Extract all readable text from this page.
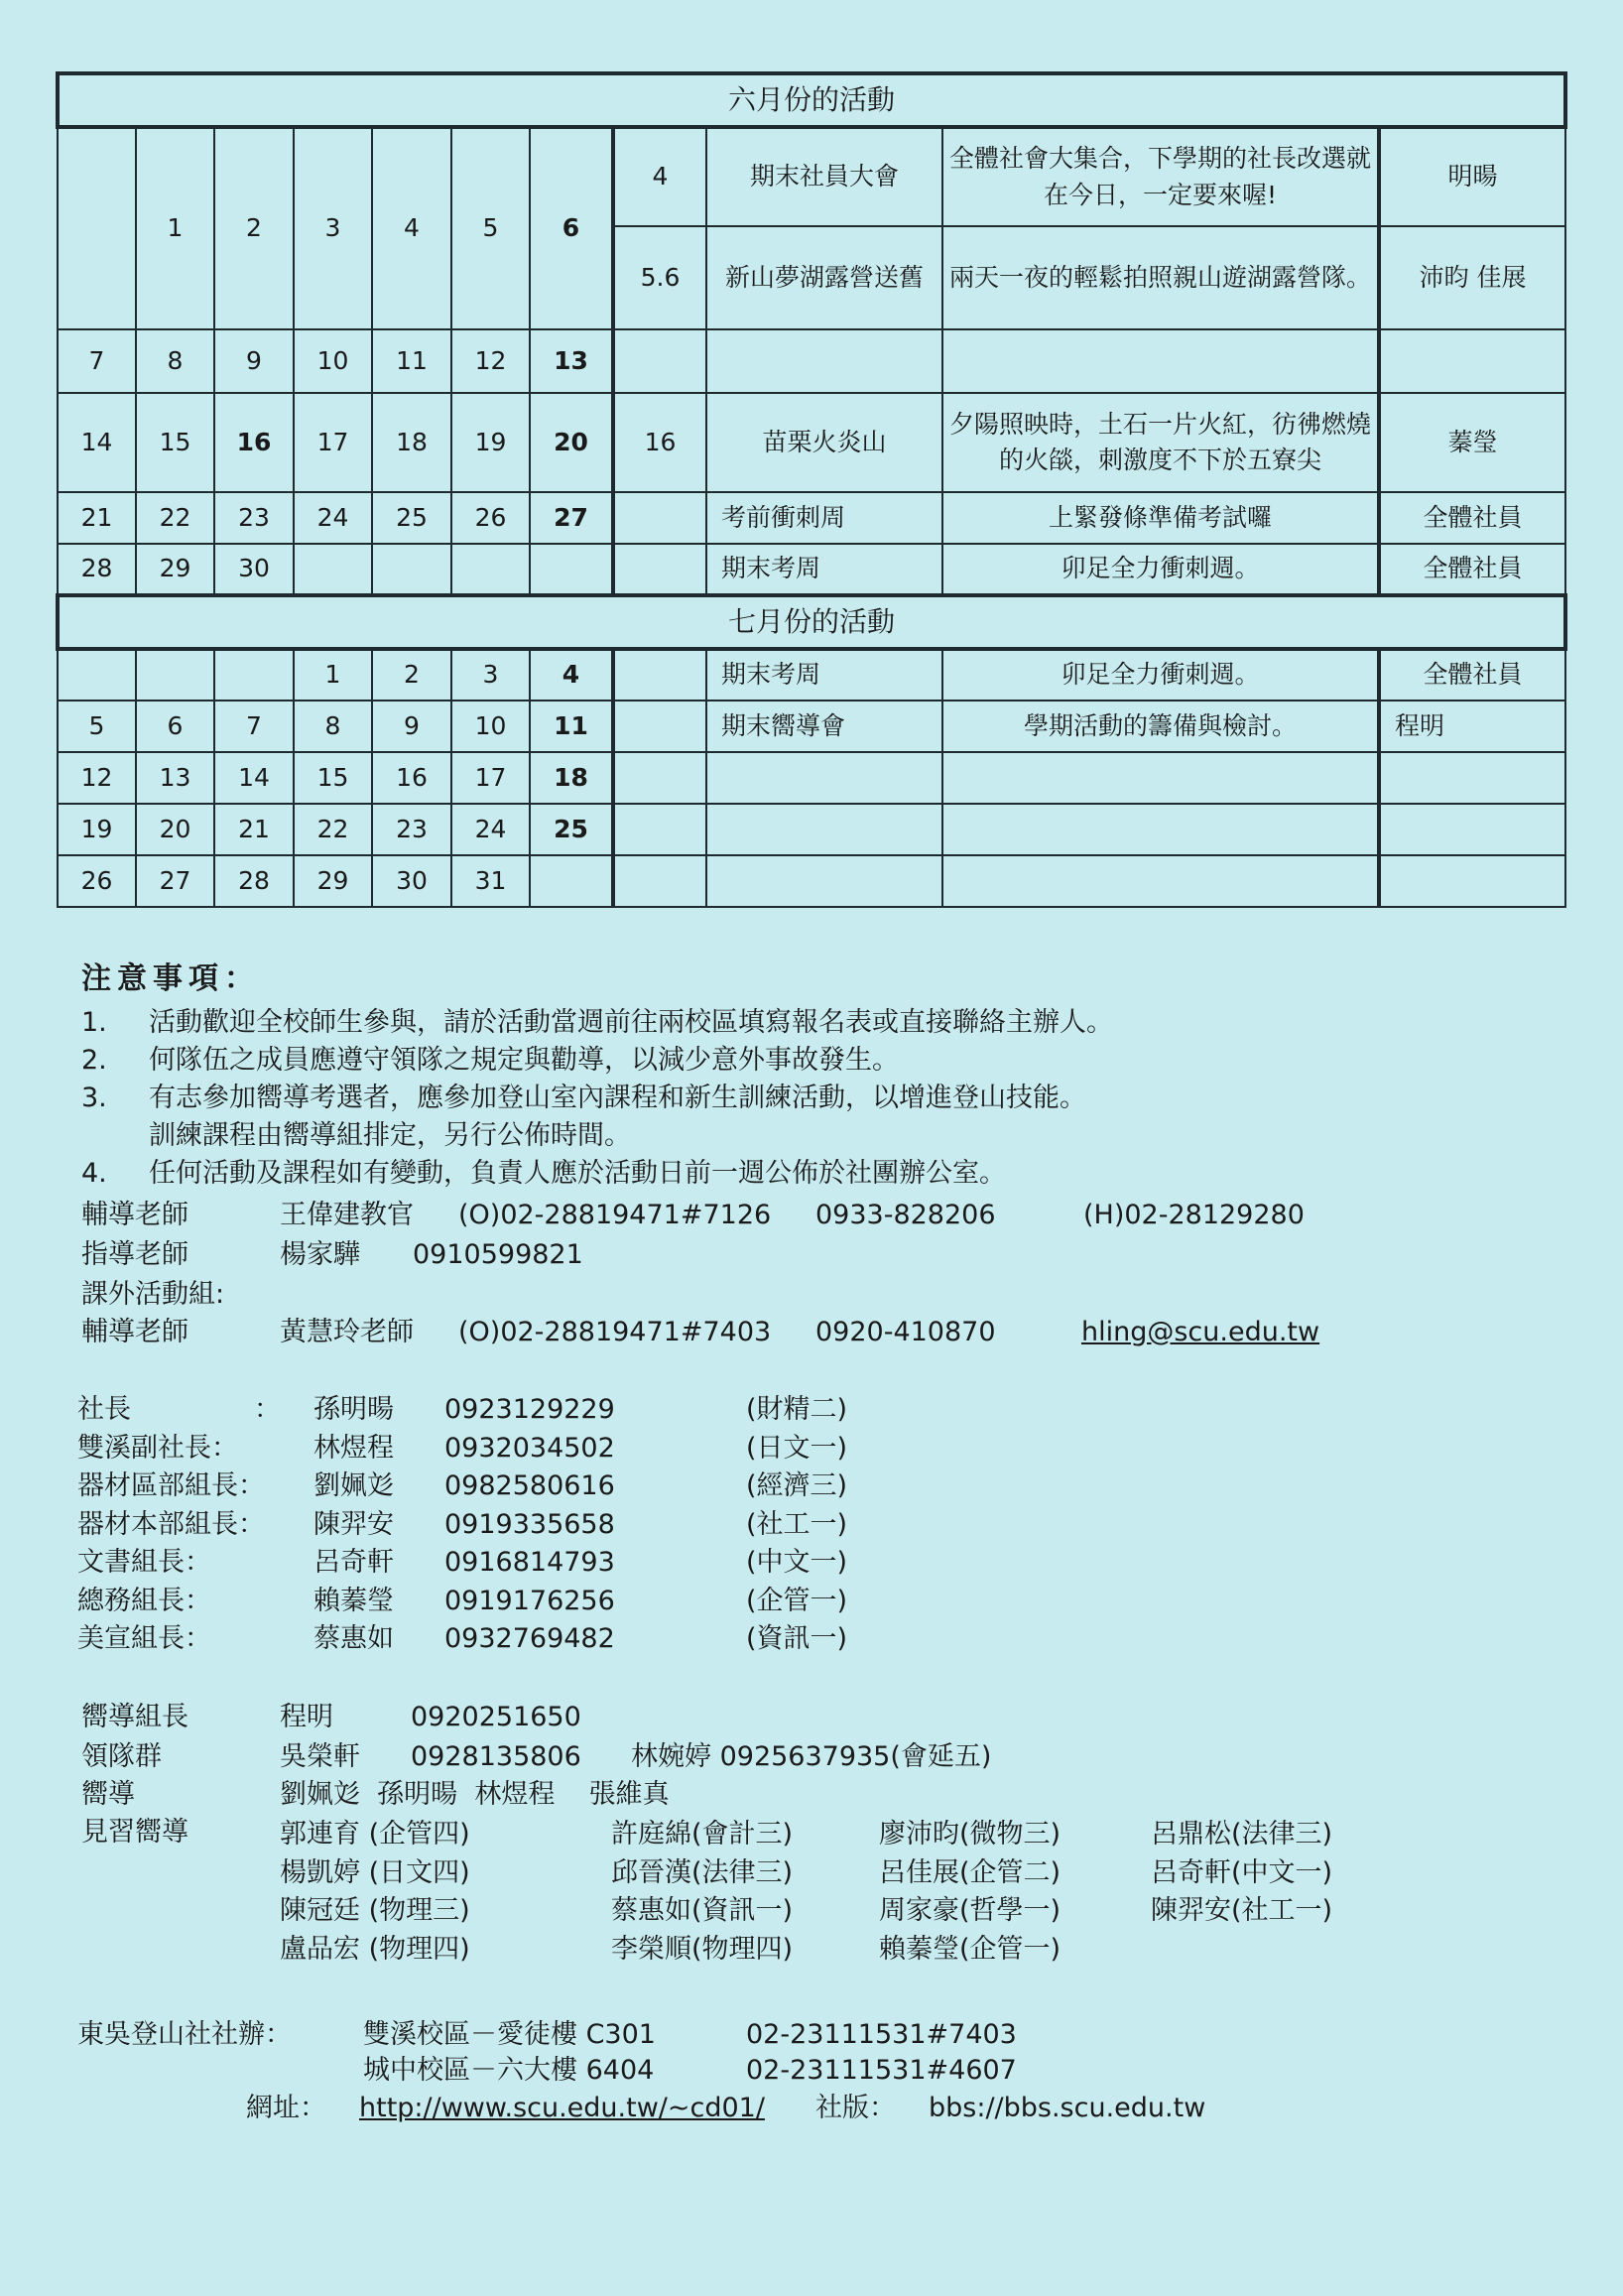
六月份的活動										
	1	2	3	4	5	6	4	期末社員大會	全體社會大集合，下學期的社長改選就在今日，一定要來喔!	明暘
							5.6	新山夢湖露營送舊	兩天一夜的輕鬆拍照親山遊湖露營隊。	沛昀 佳展
7	8	9	10	11	12	13				
14	15	16	17	18	19	20	16	苗栗火炎山	夕陽照映時，土石一片火紅，彷彿燃燒的火燄，刺激度不下於五寮尖	蓁瑩
21	22	23	24	25	26	27		考前衝刺周	上緊發條準備考試囉	全體社員
28	29	30						期末考周	卯足全力衝刺週。	全體社員
七月份的活動										
			1	2	3	4		期末考周	卯足全力衝刺週。	全體社員
5	6	7	8	9	10	11		期末嚮導會	學期活動的籌備與檢討。	程明
12	13	14	15	16	17	18				
19	20	21	22	23	24	25				
26	27	28	29	30	31					
注意事項：
1. 活動歡迎全校師生參與，請於活動當週前往兩校區填寫報名表或直接聯絡主辦人。
2. 何隊伍之成員應遵守領隊之規定與勸導，以減少意外事故發生。
3. 有志參加嚮導考選者，應參加登山室內課程和新生訓練活動，以增進登山技能。
訓練課程由嚮導組排定，另行公佈時間。
4. 任何活動及課程如有變動，負責人應於活動日前一週公佈於社團辦公室。
輔導老師	王偉建教官 (O)02-28819471#7126 0933-828206	(H)02-28129280
指導老師	楊家驊 0910599821
課外活動組:
輔導老師	黃慧玲老師 (O)02-28819471#7403 0920-410870	hling@scu.edu.tw
社長	： 孫明暘 0923129229	(財精二)
雙溪副社長：	林煜程 0932034502	(日文一)
器材區部組長： 劉姵彣 0982580616	(經濟三)
器材本部組長： 陳羿安 0919335658	(社工一)
文書組長：	呂奇軒 0916814793	(中文一)
總務組長：	賴蓁瑩 0919176256	(企管一)
美宣組長：	蔡惠如 0932769482	(資訊一)
嚮導組長	程明	0920251650
領隊群	吳榮軒 0928135806 林婉婷 0925637935(會延五)
嚮導	劉姵彣  孫明暘  林煜程    張維真
見習嚮導	郭連育 (企管四)	許庭綿(會計三)	廖沛昀(微物三)	呂鼎松(法律三)
楊凱婷 (日文四)	邱晉漢(法律三)	呂佳展(企管二)	呂奇軒(中文一)
陳冠廷 (物理三)	蔡惠如(資訊一)	周家豪(哲學一)	陳羿安(社工一)
盧品宏 (物理四)	李榮順(物理四)	賴蓁瑩(企管一)
東吳登山社社辦：	雙溪校區－愛徒樓 C301	02-23111531#7403
城中校區－六大樓 6404	02-23111531#4607
網址： http://www.scu.edu.tw/~cd01/ 社版： bbs://bbs.scu.edu.tw
